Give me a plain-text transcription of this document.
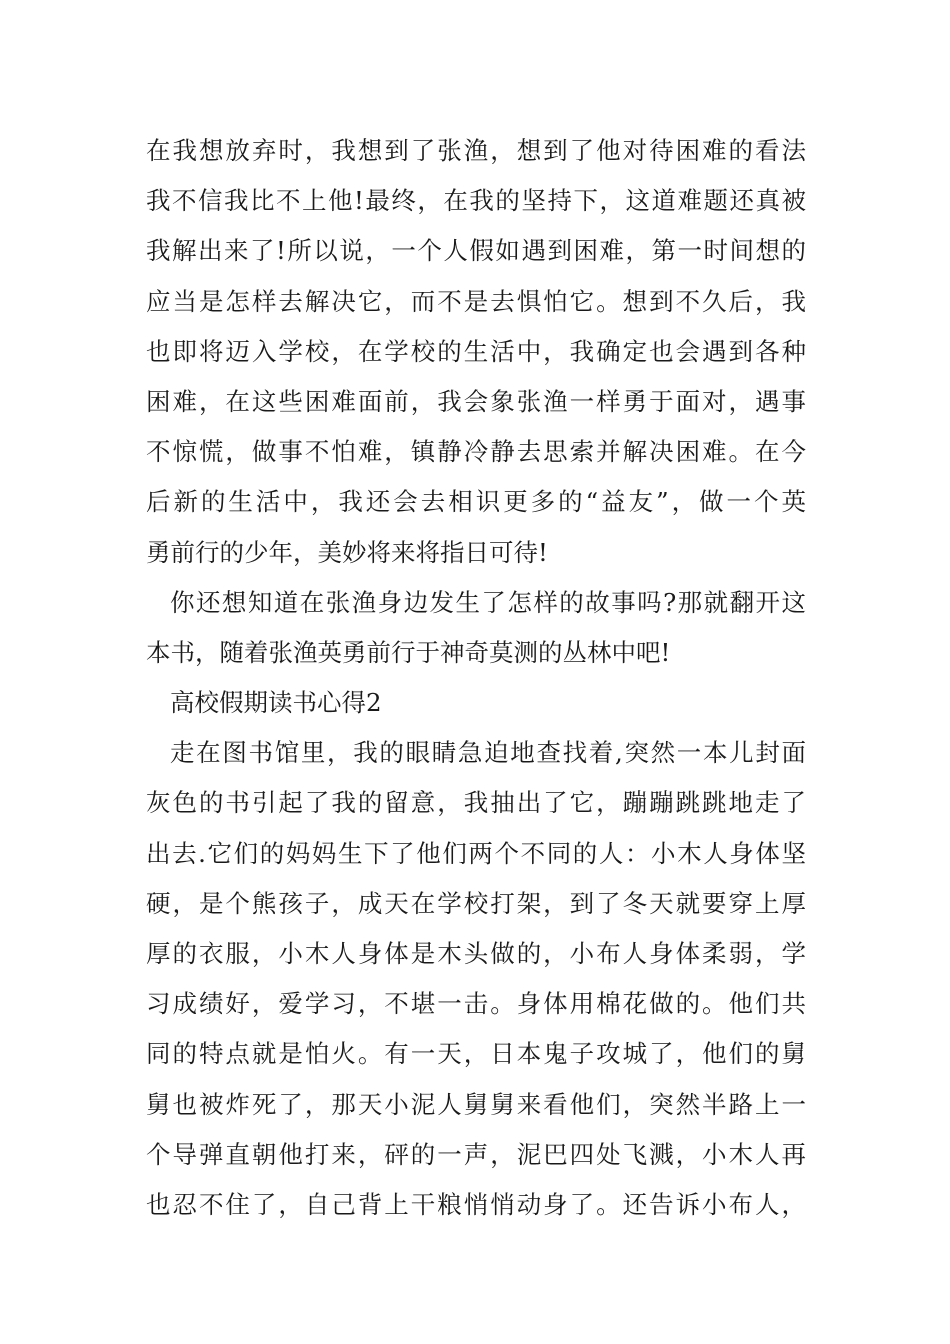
在我想放弃时，我想到了张渔，想到了他对待困难的看法
我不信我比不上他!最终，在我的坚持下，这道难题还真被
我解出来了!所以说，一个人假如遇到困难，第一时间想的
应当是怎样去解决它，而不是去惧怕它。想到不久后，我
也即将迈入学校，在学校的生活中，我确定也会遇到各种
困难，在这些困难面前，我会象张渔一样勇于面对，遇事
不惊慌，做事不怕难，镇静冷静去思索并解决困难。在今
后新的生活中，我还会去相识更多的“益友”，做一个英
勇前行的少年，美妙将来将指日可待!
你还想知道在张渔身边发生了怎样的故事吗?那就翻开这
本书，随着张渔英勇前行于神奇莫测的丛林中吧!
高校假期读书心得2
走在图书馆里，我的眼睛急迫地查找着,突然一本儿封面
灰色的书引起了我的留意，我抽出了它，蹦蹦跳跳地走了
出去.它们的妈妈生下了他们两个不同的人：小木人身体坚
硬，是个熊孩子，成天在学校打架，到了冬天就要穿上厚
厚的衣服，小木人身体是木头做的，小布人身体柔弱，学
习成绩好，爱学习，不堪一击。身体用棉花做的。他们共
同的特点就是怕火。有一天，日本鬼子攻城了，他们的舅
舅也被炸死了，那天小泥人舅舅来看他们，突然半路上一
个导弹直朝他打来，砰的一声，泥巴四处飞溅，小木人再
也忍不住了，自己背上干粮悄悄动身了。还告诉小布人，
